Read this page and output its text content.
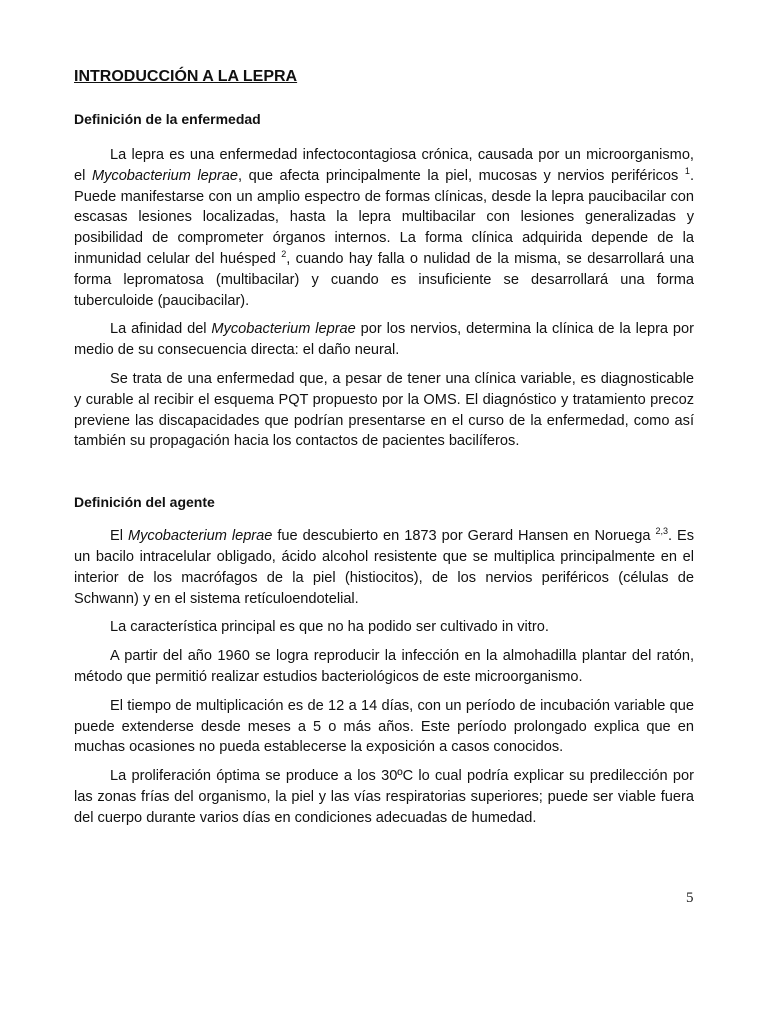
INTRODUCCIÓN A LA LEPRA
Definición de la enfermedad

La lepra es una enfermedad infectocontagiosa crónica, causada por un microorganismo, el Mycobacterium leprae, que afecta principalmente la piel, mucosas y nervios periféricos $^1$. Puede manifestarse con un amplio espectro de formas clínicas, desde la lepra paucibacilar con escasas lesiones localizadas, hasta la lepra multibacilar con lesiones generalizadas y posibilidad de comprometer órganos internos. La forma clínica adquirida depende de la inmunidad celular del huésped $^2$, cuando hay falla o nulidad de la misma, se desarrollará una forma lepromatosa (multibacilar) y cuando es insuficiente se desarrollará una forma tuberculoide (paucibacilar).

La afinidad del Mycobacterium leprae por los nervios, determina la clínica de la lepra por medio de su consecuencia directa: el daño neural.

Se trata de una enfermedad que, a pesar de tener una clínica variable, es diagnosticable y curable al recibir el esquema PQT propuesto por la OMS. El diagnóstico y tratamiento precoz previene las discapacidades que podrían presentarse en el curso de la enfermedad, como así también su propagación hacia los contactos de pacientes bacilíferos.

Definición del agente

El Mycobacterium leprae fue descubierto en 1873 por Gerard Hansen en Noruega $^{2,3}$. Es un bacilo intracelular obligado, ácido alcohol resistente que se multiplica principalmente en el interior de los macrófagos de la piel (histiocitos), de los nervios periféricos (células de Schwann) y en el sistema retículoendotelial.

La característica principal es que no ha podido ser cultivado in vitro.

A partir del año 1960 se logra reproducir la infección en la almohadilla plantar del ratón, método que permitió realizar estudios bacteriológicos de este microorganismo.

El tiempo de multiplicación es de 12 a 14 días, con un período de incubación variable que puede extenderse desde meses a 5 o más años. Este período prolongado explica que en muchas ocasiones no pueda establecerse la exposición a casos conocidos.

La proliferación óptima se produce a los 30ºC lo cual podría explicar su predilección por las zonas frías del organismo, la piel y las vías respiratorias superiores; puede ser viable fuera del cuerpo durante varios días en condiciones adecuadas de humedad.

5
